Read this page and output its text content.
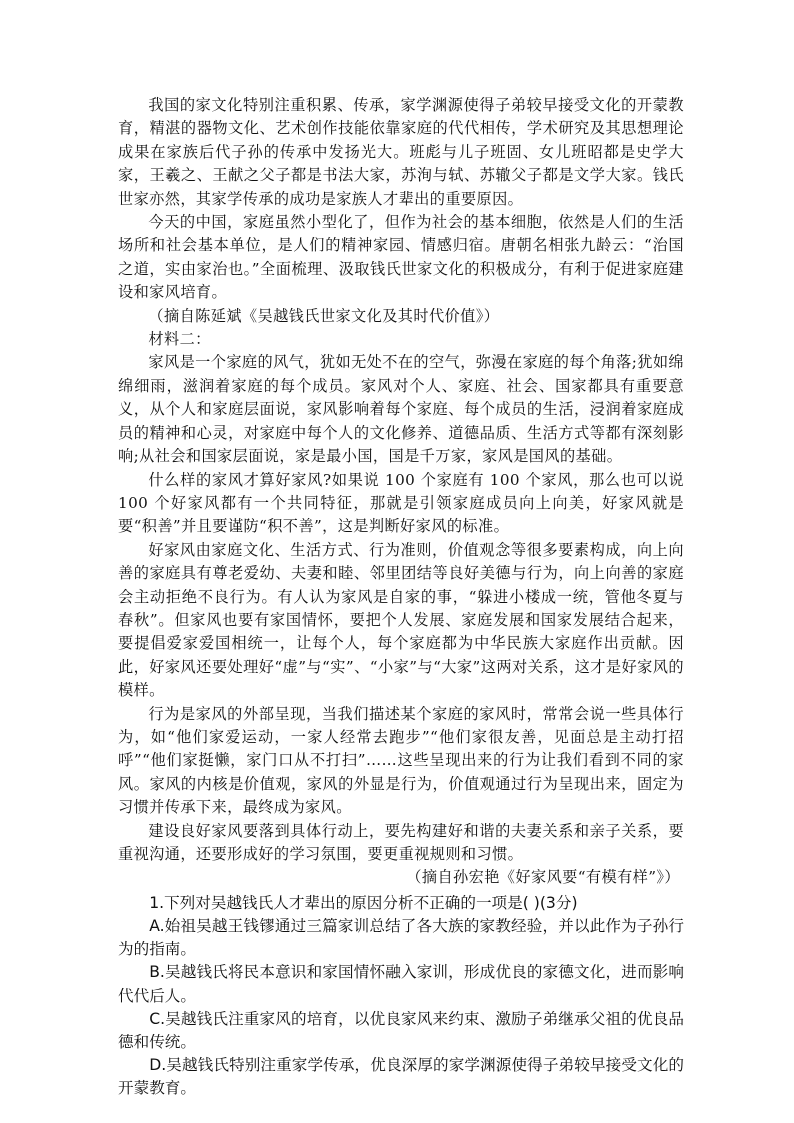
我国的家文化特别注重积累、传承，家学渊源使得子弟较早接受文化的开蒙教育，精湛的器物文化、艺术创作技能依靠家庭的代代相传，学术研究及其思想理论成果在家族后代子孙的传承中发扬光大。班彪与儿子班固、女儿班昭都是史学大家，王羲之、王献之父子都是书法大家，苏洵与轼、苏辙父子都是文学大家。钱氏世家亦然，其家学传承的成功是家族人才辈出的重要原因。

今天的中国，家庭虽然小型化了，但作为社会的基本细胞，依然是人们的生活场所和社会基本单位，是人们的精神家园、情感归宿。唐朝名相张九龄云：“治国之道，实由家治也。”全面梳理、汲取钱氏世家文化的积极成分，有利于促进家庭建设和家风培育。

（摘自陈延斌《吴越钱氏世家文化及其时代价值》）

材料二：

家风是一个家庭的风气，犹如无处不在的空气，弥漫在家庭的每个角落;犹如绵绵细雨，滋润着家庭的每个成员。家风对个人、家庭、社会、国家都具有重要意义，从个人和家庭层面说，家风影响着每个家庭、每个成员的生活，浸润着家庭成员的精神和心灵，对家庭中每个人的文化修养、道德品质、生活方式等都有深刻影响;从社会和国家层面说，家是最小国，国是千万家，家风是国风的基础。

什么样的家风才算好家风?如果说 100 个家庭有 100 个家风，那么也可以说 100 个好家风都有一个共同特征，那就是引领家庭成员向上向美，好家风就是要“积善”并且要谨防“积不善”，这是判断好家风的标准。

好家风由家庭文化、生活方式、行为准则，价值观念等很多要素构成，向上向善的家庭具有尊老爱幼、夫妻和睦、邻里团结等良好美德与行为，向上向善的家庭会主动拒绝不良行为。有人认为家风是自家的事，“躲进小楼成一统，管他冬夏与春秋”。但家风也要有家国情怀，要把个人发展、家庭发展和国家发展结合起来，要提倡爱家爱国相统一，让每个人，每个家庭都为中华民族大家庭作出贡献。因此，好家风还要处理好“虚”与“实”、“小家”与“大家”这两对关系，这才是好家风的模样。

行为是家风的外部呈现，当我们描述某个家庭的家风时，常常会说一些具体行为，如“他们家爱运动，一家人经常去跑步”“他们家很友善，见面总是主动打招呼”“他们家挺懒，家门口从不打扫”……这些呈现出来的行为让我们看到不同的家风。家风的内核是价值观，家风的外显是行为，价值观通过行为呈现出来，固定为习惯并传承下来，最终成为家风。

建设良好家风要落到具体行动上，要先构建好和谐的夫妻关系和亲子关系，要重视沟通，还要形成好的学习氛围，要更重视规则和习惯。

（摘自孙宏艳《好家风要“有模有样”》）

1.下列对吴越钱氏人才辈出的原因分析不正确的一项是( )(3分)

A.始祖吴越王钱镠通过三篇家训总结了各大族的家教经验，并以此作为子孙行为的指南。

B.吴越钱氏将民本意识和家国情怀融入家训，形成优良的家德文化，进而影响代代后人。

C.吴越钱氏注重家风的培育，以优良家风来约束、激励子弟继承父祖的优良品德和传统。

D.吴越钱氏特别注重家学传承，优良深厚的家学渊源使得子弟较早接受文化的开蒙教育。
